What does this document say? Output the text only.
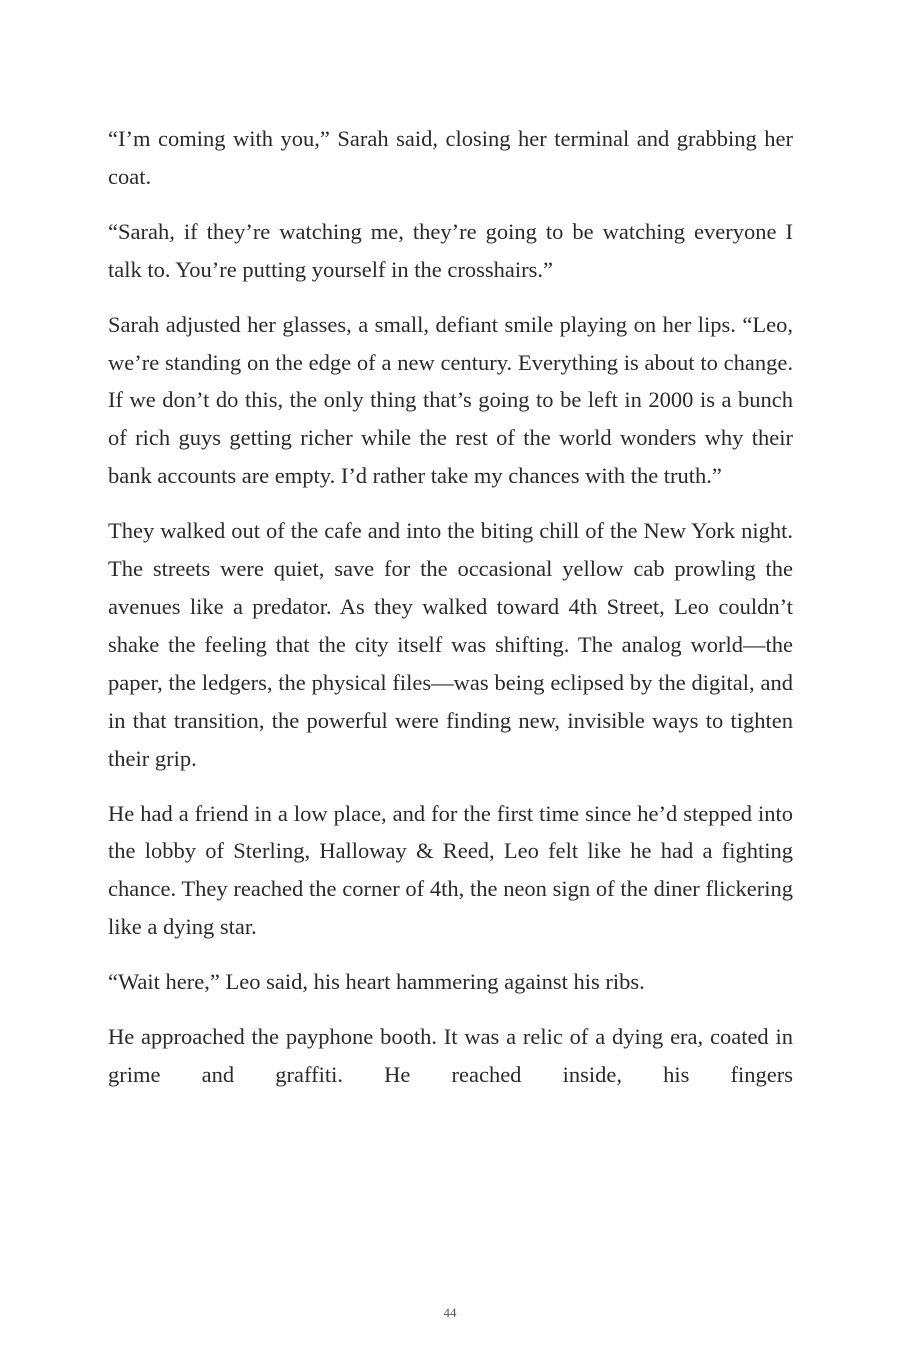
“I’m coming with you,” Sarah said, closing her terminal and grabbing her coat.

“Sarah, if they’re watching me, they’re going to be watching everyone I talk to. You’re putting yourself in the crosshairs.”

Sarah adjusted her glasses, a small, defiant smile playing on her lips. “Leo, we’re standing on the edge of a new century. Everything is about to change. If we don’t do this, the only thing that’s going to be left in 2000 is a bunch of rich guys getting richer while the rest of the world wonders why their bank accounts are empty. I’d rather take my chances with the truth.”

They walked out of the cafe and into the biting chill of the New York night. The streets were quiet, save for the occasional yellow cab prowling the avenues like a predator. As they walked toward 4th Street, Leo couldn’t shake the feeling that the city itself was shifting. The analog world—the paper, the ledgers, the physical files—was being eclipsed by the digital, and in that transition, the powerful were finding new, invisible ways to tighten their grip.

He had a friend in a low place, and for the first time since he’d stepped into the lobby of Sterling, Halloway & Reed, Leo felt like he had a fighting chance. They reached the corner of 4th, the neon sign of the diner flickering like a dying star.

“Wait here,” Leo said, his heart hammering against his ribs.

He approached the payphone booth. It was a relic of a dying era, coated in grime and graffiti. He reached inside, his fingers

44
